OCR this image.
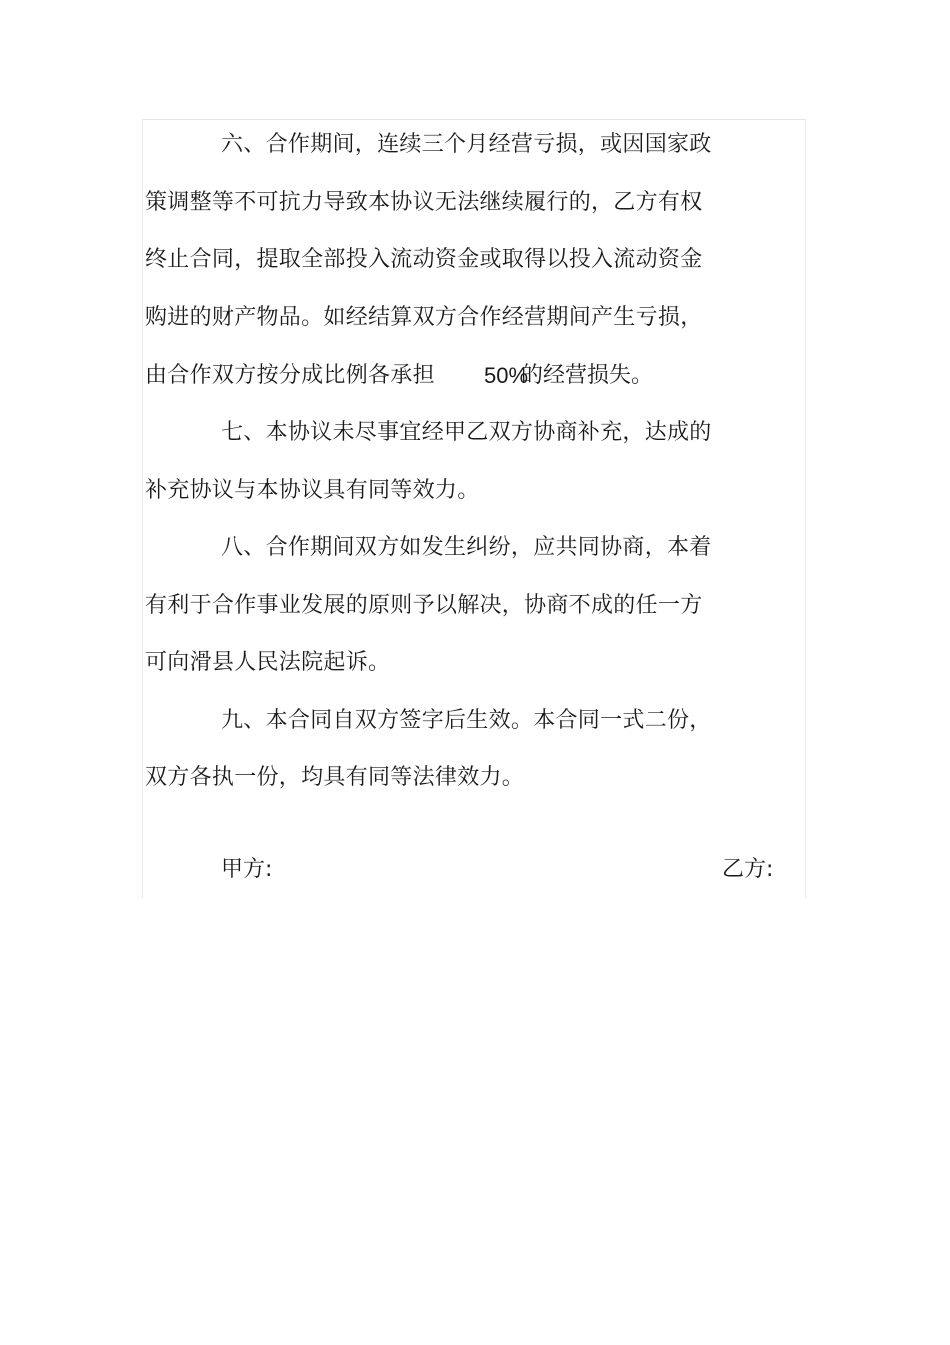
六、合作期间，连续三个月经营亏损，或因国家政
策调整等不可抗力导致本协议无法继续履行的，乙方有权
终止合同，提取全部投入流动资金或取得以投入流动资金
购进的财产物品。如经结算双方合作经营期间产生亏损，
由合作双方按分成比例各承担 50%
的经营损失。
七、本协议未尽事宜经甲乙双方协商补充，达成的
补充协议与本协议具有同等效力。
八、合作期间双方如发生纠纷，应共同协商，本着
有利于合作事业发展的原则予以解决，协商不成的任一方
可向滑县人民法院起诉。
九、本合同自双方签字后生效。本合同一式二份，
双方各执一份，均具有同等法律效力。
甲方:	乙方:
